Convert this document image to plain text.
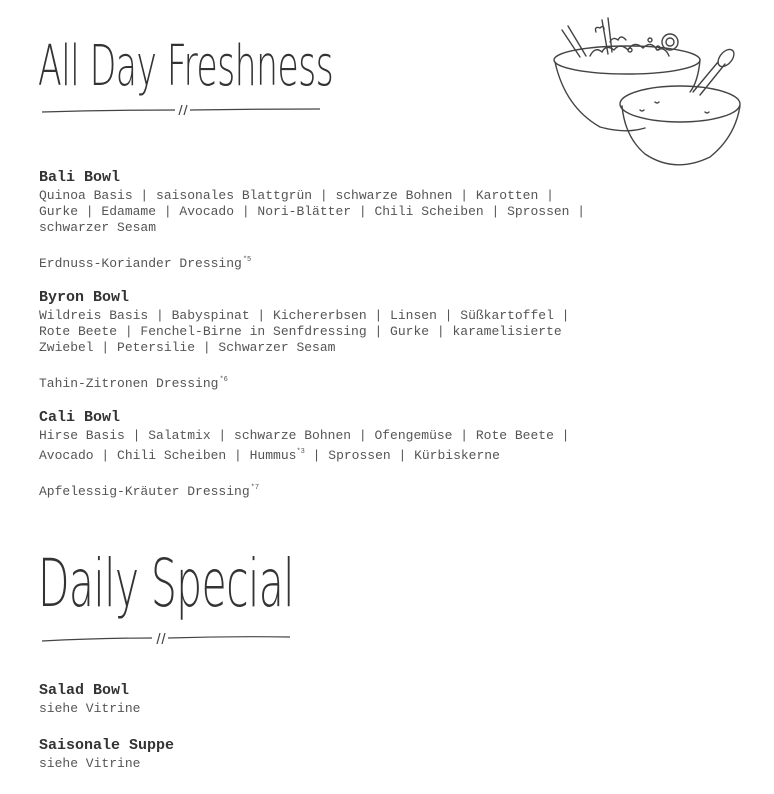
All Day Freshness
Bali Bowl
Quinoa Basis | saisonales Blattgrün | schwarze Bohnen | Karotten |
Gurke | Edamame | Avocado | Nori-Blätter | Chili Scheiben | Sprossen |
schwarzer Sesam
Erdnuss-Koriander Dressing$^{*5}$
Byron Bowl
Wildreis Basis | Babyspinat | Kichererbsen | Linsen | Süßkartoffel |
Rote Beete | Fenchel-Birne in Senfdressing | Gurke | karamelisierte
Zwiebel | Petersilie | Schwarzer Sesam
Tahin-Zitronen Dressing$^{*6}$
Cali Bowl
Hirse Basis | Salatmix | schwarze Bohnen | Ofengemüse | Rote Beete |
Avocado | Chili Scheiben | Hummus$^{*3}$ | Sprossen | Kürbiskerne
Apfelessig-Kräuter Dressing$^{*7}$
Daily Special
Salad Bowl
siehe Vitrine
Saisonale Suppe
siehe Vitrine
